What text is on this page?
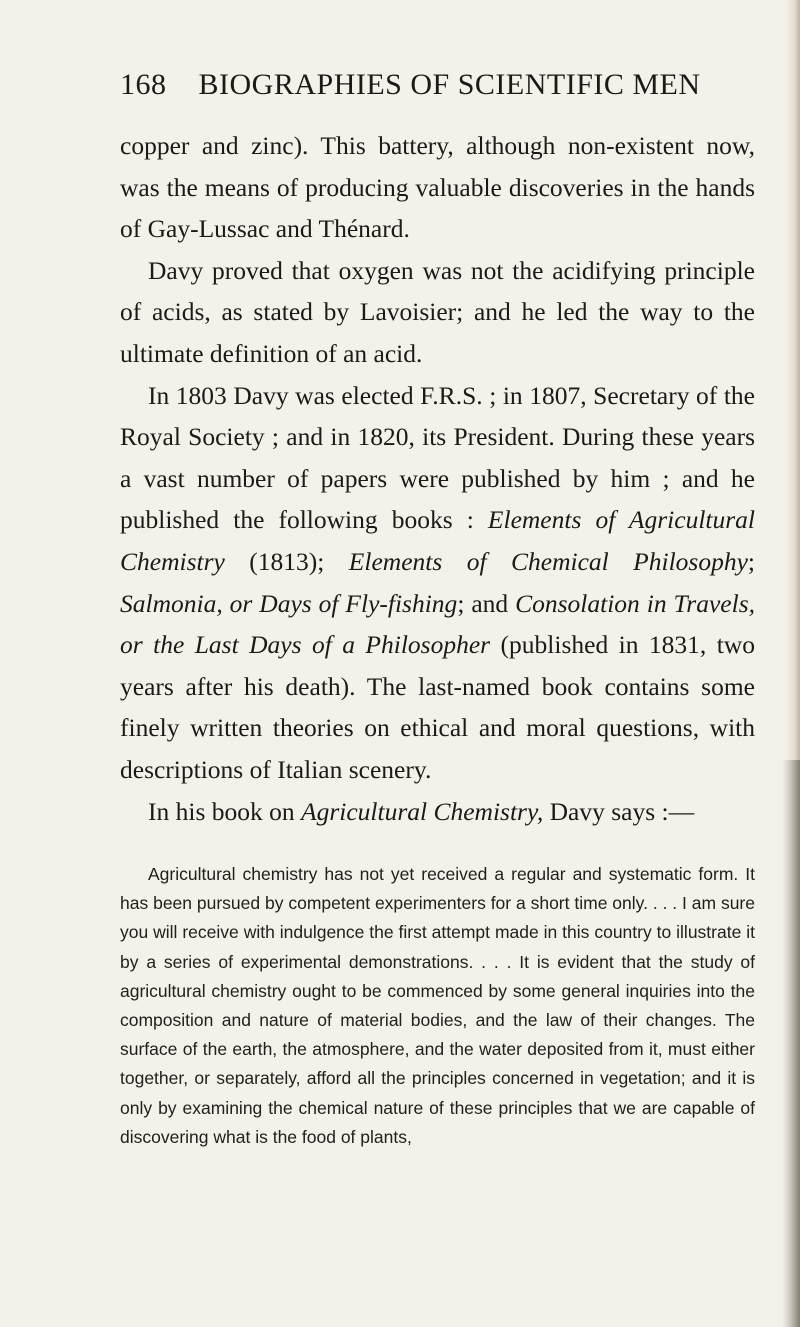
168 BIOGRAPHIES OF SCIENTIFIC MEN

copper and zinc). This battery, although non-existent now, was the means of producing valuable discoveries in the hands of Gay-Lussac and Thénard.

Davy proved that oxygen was not the acidifying principle of acids, as stated by Lavoisier; and he led the way to the ultimate definition of an acid.

In 1803 Davy was elected F.R.S. ; in 1807, Secretary of the Royal Society ; and in 1820, its President. During these years a vast number of papers were published by him ; and he published the following books : Elements of Agricultural Chemistry (1813); Elements of Chemical Philosophy; Salmonia, or Days of Fly-fishing; and Consolation in Travels, or the Last Days of a Philosopher (published in 1831, two years after his death). The last-named book contains some finely written theories on ethical and moral questions, with descriptions of Italian scenery.

In his book on Agricultural Chemistry, Davy says :—

Agricultural chemistry has not yet received a regular and systematic form. It has been pursued by competent experimenters for a short time only. . . . I am sure you will receive with indulgence the first attempt made in this country to illustrate it by a series of experimental demonstrations. . . . It is evident that the study of agricultural chemistry ought to be commenced by some general inquiries into the composition and nature of material bodies, and the law of their changes. The surface of the earth, the atmosphere, and the water deposited from it, must either together, or separately, afford all the principles concerned in vegetation; and it is only by examining the chemical nature of these principles that we are capable of discovering what is the food of plants,
